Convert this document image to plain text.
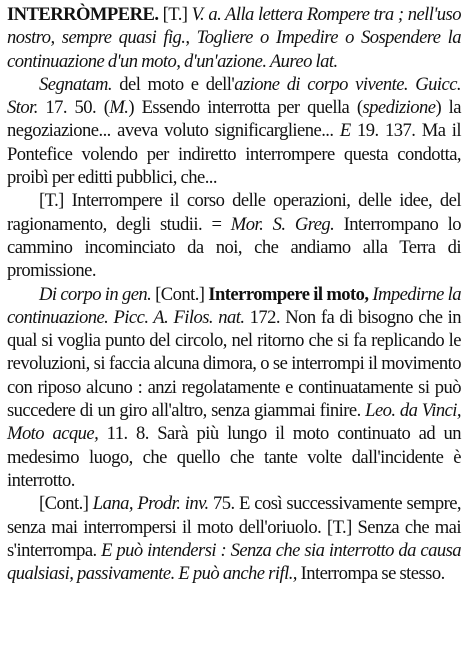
INTERRÒMPERE. [T.] V. a. Alla lettera Rompere tra ; nell'uso nostro, sempre quasi fig., Togliere o Impedire o Sospendere la continuazione d'un moto, d'un'azione. Aureo lat.

Segnatam. del moto e dell'azione di corpo vivente. Guicc. Stor. 17. 50. (M.) Essendo interrotta per quella (spedizione) la negoziazione... aveva voluto significargliene... E 19. 137. Ma il Pontefice volendo per indiretto interrompere questa condotta, proibì per editti pubblici, che...

[T.] Interrompere il corso delle operazioni, delle idee, del ragionamento, degli studii. = Mor. S. Greg. Interrompano lo cammino incominciato da noi, che andiamo alla Terra di promissione.

Di corpo in gen. [Cont.] Interrompere il moto, Impedirne la continuazione. Picc. A. Filos. nat. 172. Non fa di bisogno che in qual si voglia punto del circolo, nel ritorno che si fa replicando le revoluzioni, si faccia alcuna dimora, o se interrompi il movimento con riposo alcuno : anzi regolatamente e continuatamente si può succedere di un giro all'altro, senza giammai finire. Leo. da Vinci, Moto acque, 11. 8. Sarà più lungo il moto continuato ad un medesimo luogo, che quello che tante volte dall'incidente è interrotto.

[Cont.] Lana, Prodr. inv. 75. E così successivamente sempre, senza mai interrompersi il moto dell'oriuolo. [T.] Senza che mai s'interrompa. E può intendersi : Senza che sia interrotto da causa qualsiasi, passivamente. E può anche rifl., Interrompa se stesso.
